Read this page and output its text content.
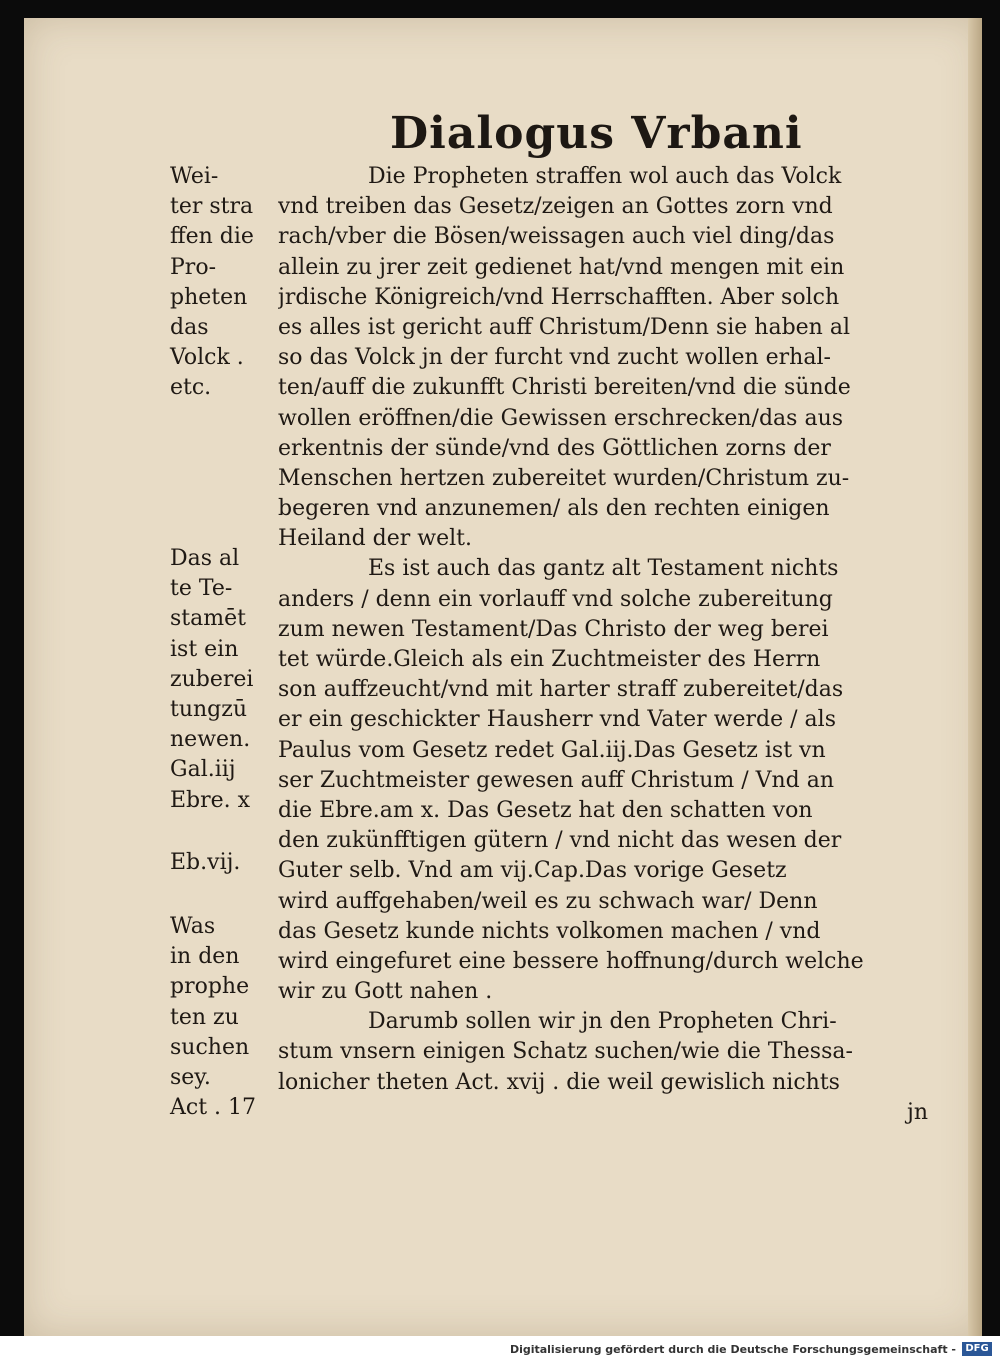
Dialogus Vrbani
Die Propheten straffen wol auch das Volck
vnd treiben das Gesetz/zeigen an Gottes zorn vnd
rach/vber die Bösen/weissagen auch viel ding/das
allein zu jrer zeit gedienet hat/vnd mengen mit ein
jrdische Königreich/vnd Herrschafften. Aber solch
es alles ist gericht auff Christum/Denn sie haben al
so das Volck jn der furcht vnd zucht wollen erhal-
ten/auff die zukunfft Christi bereiten/vnd die sünde
wollen eröffnen/die Gewissen erschrecken/das aus
erkentnis der sünde/vnd des Göttlichen zorns der
Menschen hertzen zubereitet wurden/Christum zu-
begeren vnd anzunemen/ als den rechten einigen
Heiland der welt.
Es ist auch das gantz alt Testament nichts
anders / denn ein vorlauff vnd solche zubereitung
zum newen Testament/Das Christo der weg berei
tet würde.Gleich als ein Zuchtmeister des Herrn
son auffzeucht/vnd mit harter straff zubereitet/das
er ein geschickter Hausherr vnd Vater werde / als
Paulus vom Gesetz redet Gal.iij.Das Gesetz ist vn
ser Zuchtmeister gewesen auff Christum / Vnd an
die Ebre.am x. Das Gesetz hat den schatten von
den zukünfftigen gütern / vnd nicht das wesen der
Guter selb. Vnd am vij.Cap.Das vorige Gesetz
wird auffgehaben/weil es zu schwach war/ Denn
das Gesetz kunde nichts volkomen machen / vnd
wird eingefuret eine bessere hoffnung/durch welche
wir zu Gott nahen .
Darumb sollen wir jn den Propheten Chri-
stum vnsern einigen Schatz suchen/wie die Thessa-
lonicher theten Act. xvij . die weil gewislich nichts
jn
Wei-
ter stra
ffen die
Pro-
pheten
das
Volck .
etc.
Das al
te Te-
stamēt
ist ein
zuberei
tungzū
newen.
Gal.iij
Ebre. x
Eb.vij.
Was
in den
prophe
ten zu
suchen
sey.
Act . 17
Digitalisierung gefördert durch die Deutsche Forschungsgemeinschaft - DFG
